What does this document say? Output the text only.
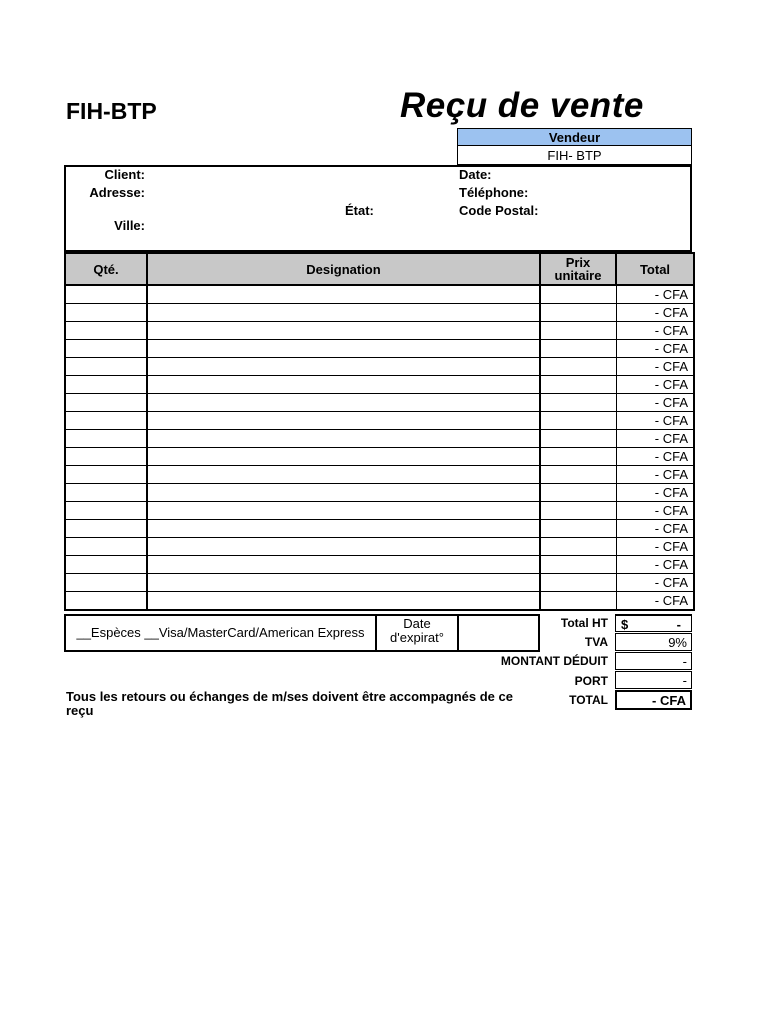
FIH-BTP	Reçu de vente
Vendeur
FIH- BTP
Client:
Adresse:
État:
Ville:
Date:
Téléphone:
Code Postal:
Qté.	Designation	Prix unitaire	Total
			- CFA
			- CFA
			- CFA
			- CFA
			- CFA
			- CFA
			- CFA
			- CFA
			- CFA
			- CFA
			- CFA
			- CFA
			- CFA
			- CFA
			- CFA
			- CFA
			- CFA
			- CFA
__Espèces __Visa/MasterCard/American Express
Date d'expirat°
Total HT $	-
TVA	9%
MONTANT DÉDUIT	-
PORT	-
TOTAL	- CFA
Tous les retours ou échanges de m/ses doivent être accompagnés de ce reçu
